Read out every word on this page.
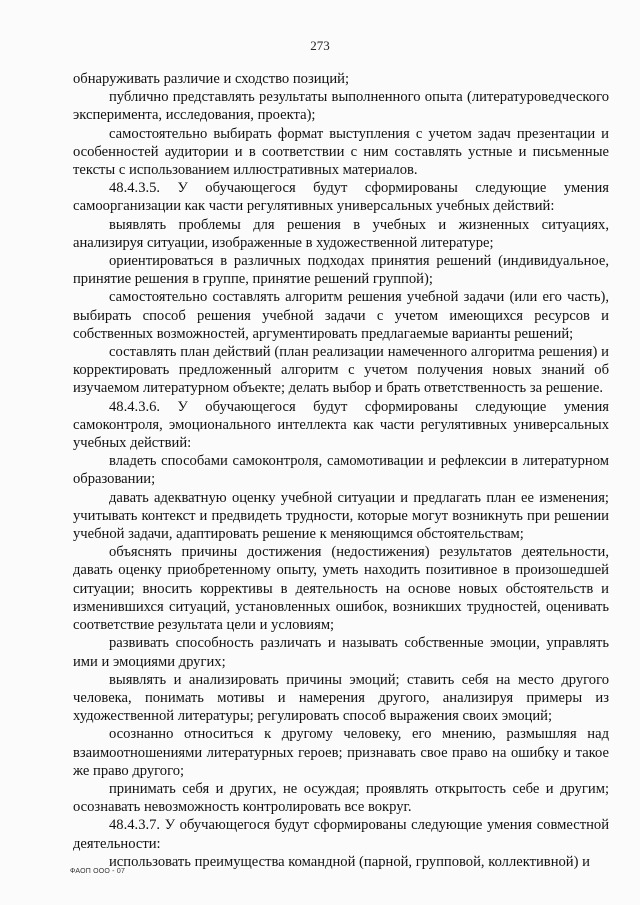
273

обнаруживать различие и сходство позиций;

публично представлять результаты выполненного опыта (литературоведческого эксперимента, исследования, проекта);

самостоятельно выбирать формат выступления с учетом задач презентации и особенностей аудитории и в соответствии с ним составлять устные и письменные тексты с использованием иллюстративных материалов.

48.4.3.5. У обучающегося будут сформированы следующие умения самоорганизации как части регулятивных универсальных учебных действий:

выявлять проблемы для решения в учебных и жизненных ситуациях, анализируя ситуации, изображенные в художественной литературе;

ориентироваться в различных подходах принятия решений (индивидуальное, принятие решения в группе, принятие решений группой);

самостоятельно составлять алгоритм решения учебной задачи (или его часть), выбирать способ решения учебной задачи с учетом имеющихся ресурсов и собственных возможностей, аргументировать предлагаемые варианты решений;

составлять план действий (план реализации намеченного алгоритма решения) и корректировать предложенный алгоритм с учетом получения новых знаний об изучаемом литературном объекте; делать выбор и брать ответственность за решение.

48.4.3.6. У обучающегося будут сформированы следующие умения самоконтроля, эмоционального интеллекта как части регулятивных универсальных учебных действий:

владеть способами самоконтроля, самомотивации и рефлексии в литературном образовании;

давать адекватную оценку учебной ситуации и предлагать план ее изменения; учитывать контекст и предвидеть трудности, которые могут возникнуть при решении учебной задачи, адаптировать решение к меняющимся обстоятельствам;

объяснять причины достижения (недостижения) результатов деятельности, давать оценку приобретенному опыту, уметь находить позитивное в произошедшей ситуации; вносить коррективы в деятельность на основе новых обстоятельств и изменившихся ситуаций, установленных ошибок, возникших трудностей, оценивать соответствие результата цели и условиям;

развивать способность различать и называть собственные эмоции, управлять ими и эмоциями других;

выявлять и анализировать причины эмоций; ставить себя на место другого человека, понимать мотивы и намерения другого, анализируя примеры из художественной литературы; регулировать способ выражения своих эмоций;

осознанно относиться к другому человеку, его мнению, размышляя над взаимоотношениями литературных героев; признавать свое право на ошибку и такое же право другого;

принимать себя и других, не осуждая; проявлять открытость себе и другим; осознавать невозможность контролировать все вокруг.

48.4.3.7. У обучающегося будут сформированы следующие умения совместной деятельности:

использовать преимущества командной (парной, групповой, коллективной) и

ФАОП ООО - 07
